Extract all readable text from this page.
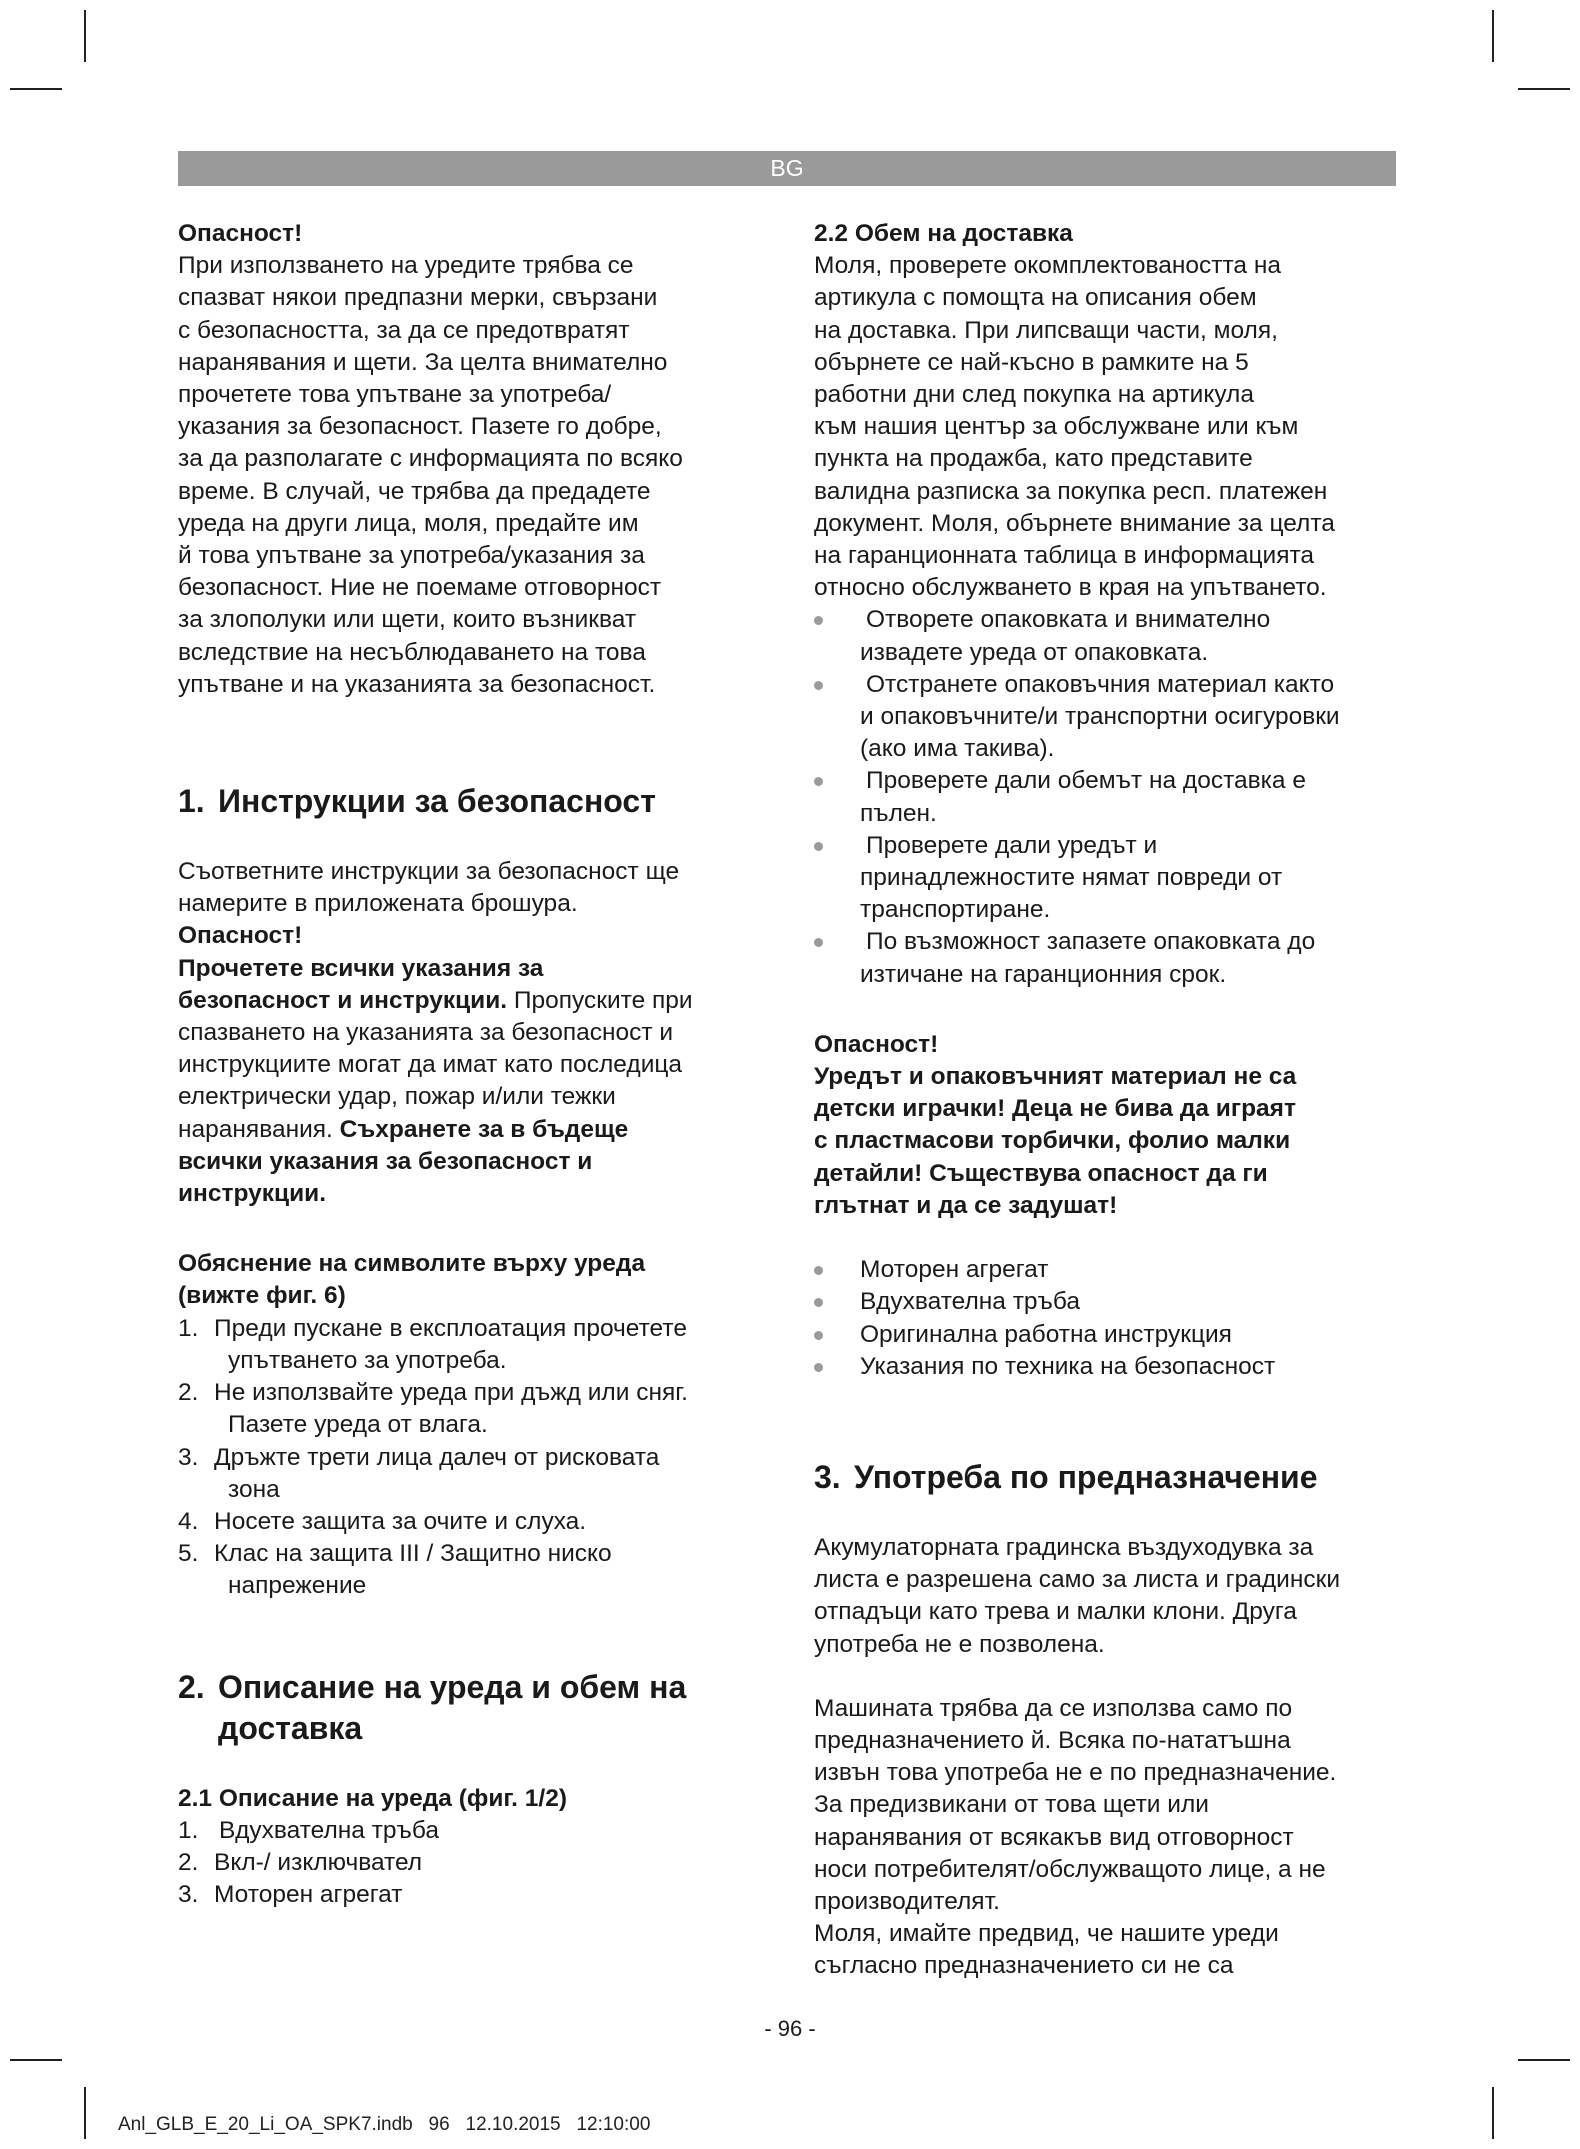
BG

Опасност!

При използването на уредите трябва се

спазват някои предпазни мерки, свързани

с безопасността, за да се предотвратят

наранявания и щети. За целта внимателно

прочетете това упътване за употреба/

указания за безопасност. Пазете го добре,

за да разполагате с информацията по всяко

време. В случай, че трябва да предадете

уреда на други лица, моля, предайте им

й това упътване за употреба/указания за

безопасност. Ние не поемаме отговорност

за злополуки или щети, които възникват

вследствие на несъблюдаването на това

упътване и на указанията за безопасност.

1. Инструкции за безопасност

Съответните инструкции за безопасност ще

намерите в приложената брошура.

Опасност!

Прочетете всички указания за

безопасност и инструкции. Пропуските при

спазването на указанията за безопасност и

инструкциите могат да имат като последица

електрически удар, пожар и/или тежки

наранявания. Съхранете за в бъдеще

всички указания за безопасност и

инструкции.

Обяснение на символите върху уреда

(вижте фиг. 6)

1. Преди пускане в експлоатация прочетете

упътването за употреба.

2. Не използвайте уреда при дъжд или сняг.

Пазете уреда от влага.

3. Дръжте трети лица далеч от рисковата

зона

4. Носете защита за очите и слуха.

5. Клас на защита III / Защитно ниско

напрежение

2. Описание на уреда и обем на
доставка

2.1 Описание на уреда (фиг. 1/2)

1. Вдухвателна тръба
2. Вкл-/ изключвател
3. Моторен агрегат

2.2 Обем на доставка

Моля, проверете окомплектоваността на

артикула с помощта на описания обем

на доставка. При липсващи части, моля,

обърнете се най-късно в рамките на 5

работни дни след покупка на артикула

към нашия център за обслужване или към

пункта на продажба, като представите

валидна разписка за покупка респ. платежен

документ. Моля, обърнете внимание за целта

на гаранционната таблица в информацията

относно обслужването в края на упътването.

Отворете опаковката и внимателно

извадете уреда от опаковката.

Отстранете опаковъчния материал както

и опаковъчните/и транспортни осигуровки

(ако има такива).

Проверете дали обемът на доставка е

пълен.

Проверете дали уредът и

принадлежностите нямат повреди от

транспортиране.

По възможност запазете опаковката до

изтичане на гаранционния срок.

Опасност!

Уредът и опаковъчният материал не са

детски играчки! Деца не бива да играят

с пластмасови торбички, фолио малки

детайли! Съществува опасност да ги

глътнат и да се задушат!

Моторен агрегат
Вдухвателна тръба
Оригинална работна инструкция
Указания по техника на безопасност
3. Употреба по предназначение

Акумулаторната градинска въздуходувка за

листа е разрешена само за листа и градински

отпадъци като трева и малки клони. Друга

употреба не е позволена.

Машината трябва да се използва само по

предназначението й. Всяка по-нататъшна

извън това употреба не е по предназначение.

За предизвикани от това щети или

наранявания от всякакъв вид отговорност

носи потребителят/обслужващото лице, а не

производителят.

Моля, имайте предвид, че нашите уреди

съгласно предназначението си не са

- 96 -
Anl_GLB_E_20_Li_OA_SPK7.indb   96   12.10.2015   12:10:00
